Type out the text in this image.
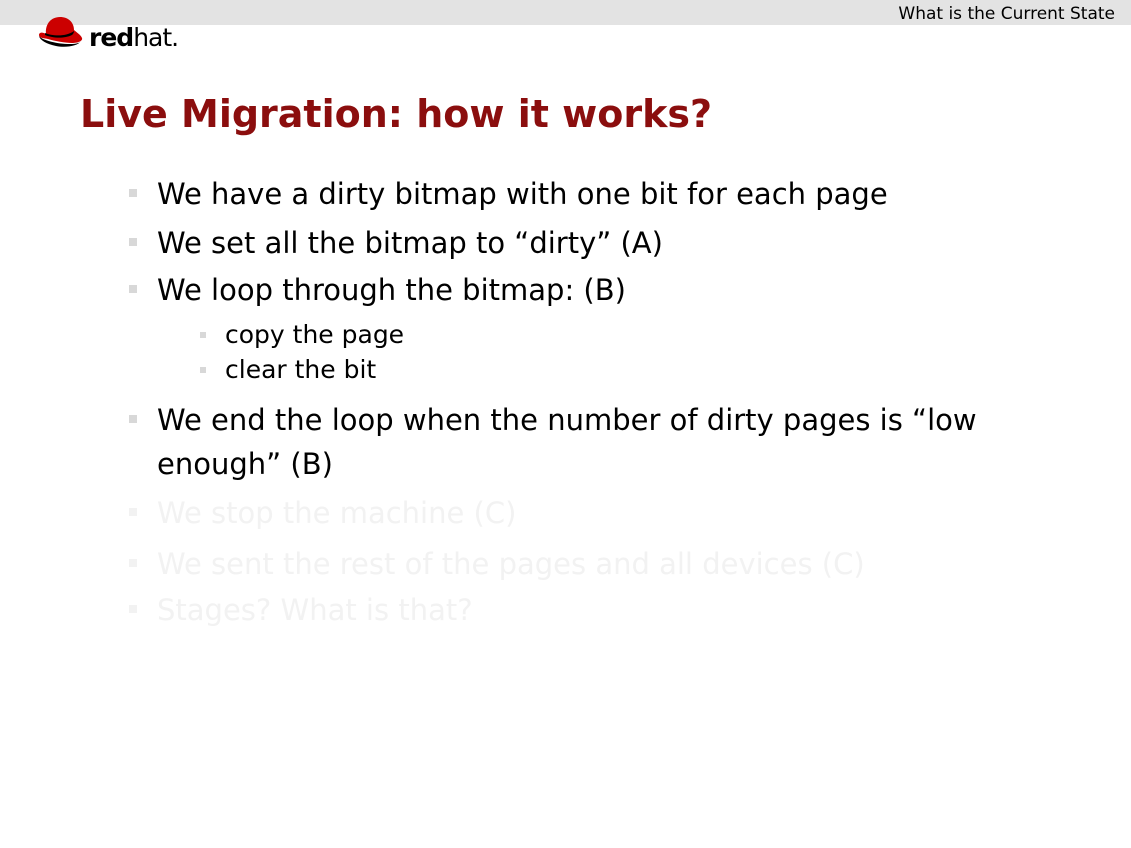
What is the Current State
redhat.
Live Migration: how it works?
We have a dirty bitmap with one bit for each page
We set all the bitmap to “dirty” (A)
We loop through the bitmap: (B)
copy the page
clear the bit
We end the loop when the number of dirty pages is “low
enough” (B)
We stop the machine (C)
We sent the rest of the pages and all devices (C)
Stages? What is that?
